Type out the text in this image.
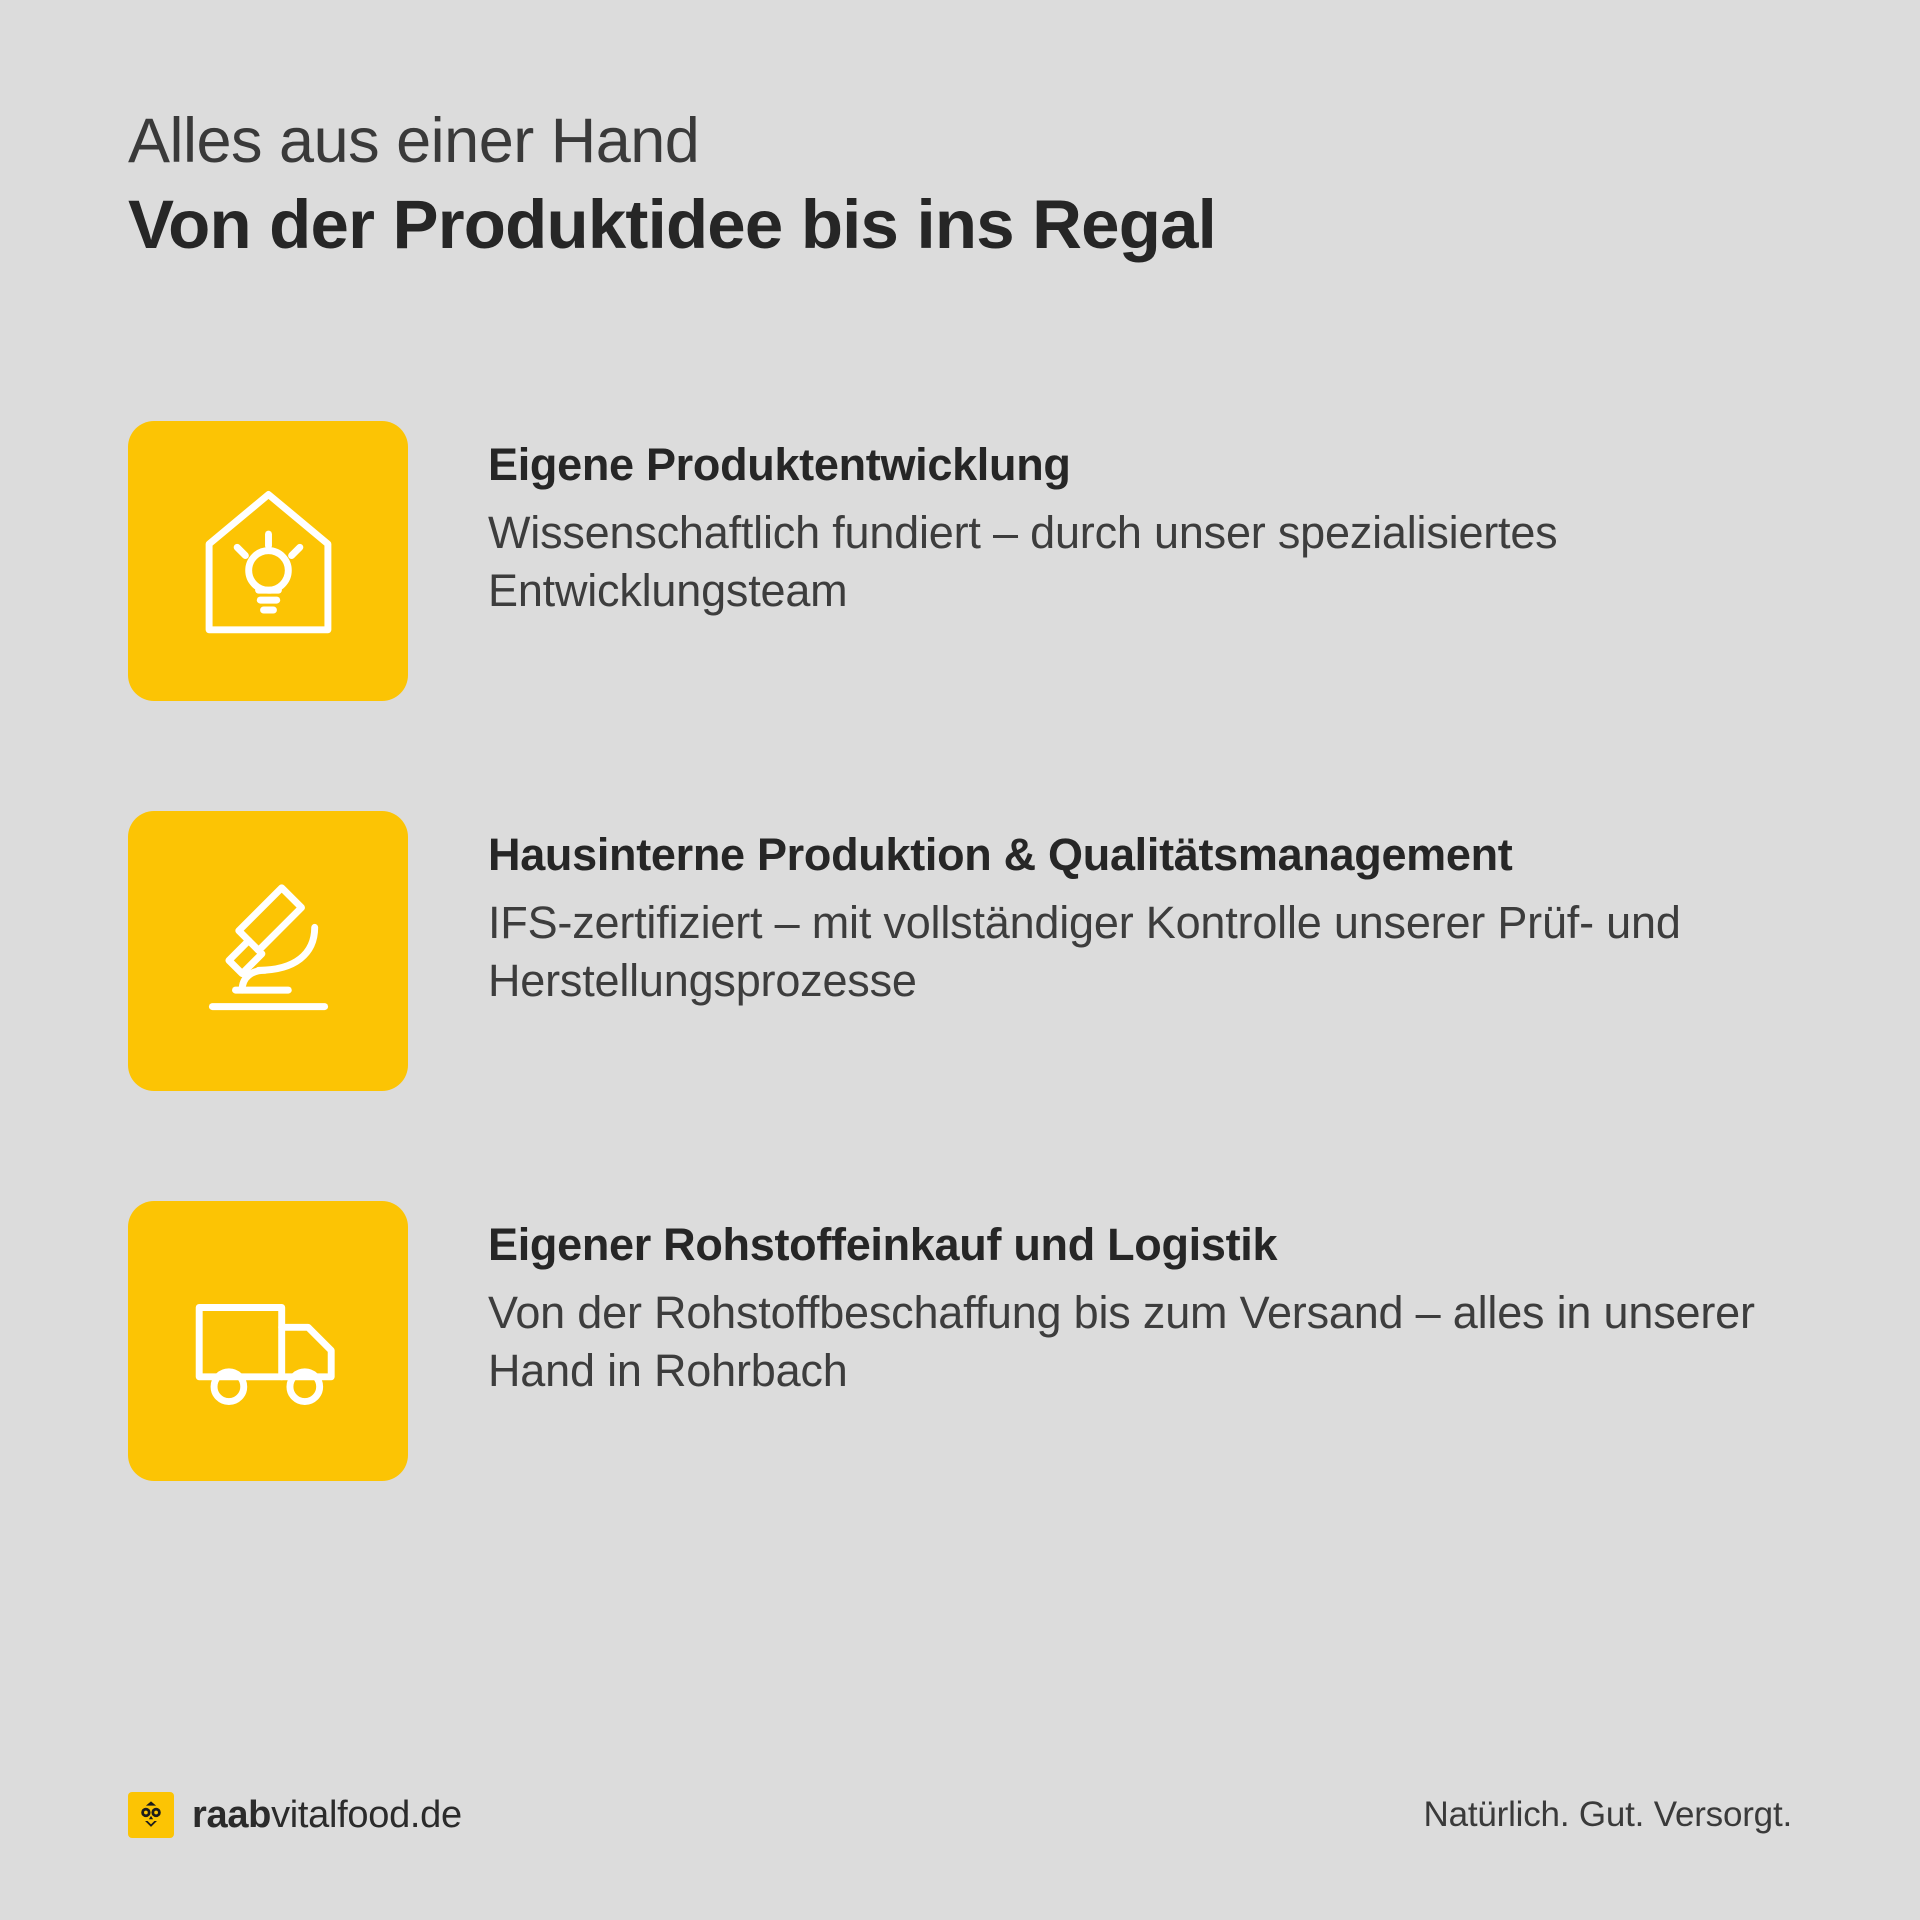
Alles aus einer Hand

Von der Produktidee bis ins Regal
Eigene Produktentwicklung

Wissenschaftlich fundiert – durch unser spezialisiertes Entwicklungsteam

Hausinterne Produktion & Qualitätsmanagement

IFS-zertifiziert – mit vollständiger Kontrolle unserer Prüf- und Herstellungsprozesse

Eigener Rohstoffeinkauf und Logistik

Von der Rohstoffbeschaffung bis zum Versand – alles in unserer Hand in Rohrbach

raabvitalfood.de	Natürlich. Gut. Versorgt.
